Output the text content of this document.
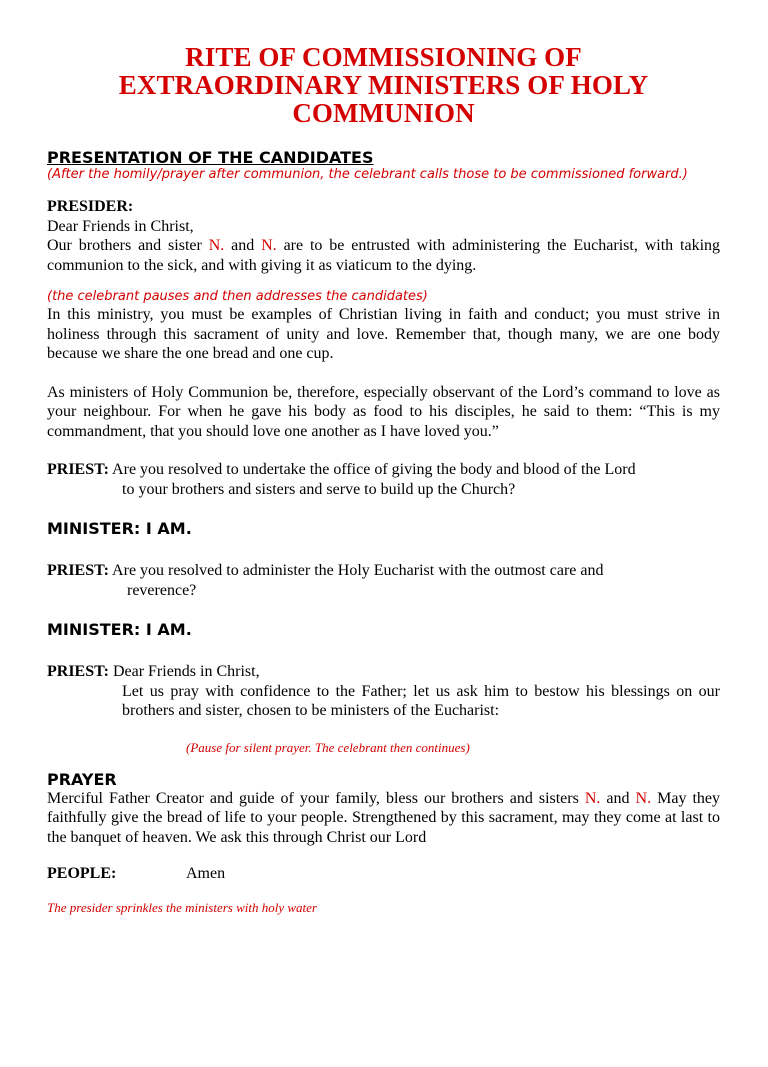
RITE OF COMMISSIONING OF
EXTRAORDINARY MINISTERS OF HOLY
COMMUNION
PRESENTATION OF THE CANDIDATES
(After the homily/prayer after communion, the celebrant calls those to be commissioned forward.)

PRESIDER:

Dear Friends in Christ,

Our brothers and sister N. and N. are to be entrusted with administering the Eucharist, with taking communion to the sick, and with giving it as viaticum to the dying.

(the celebrant pauses and then addresses the candidates)

In this ministry, you must be examples of Christian living in faith and conduct; you must strive in holiness through this sacrament of unity and love. Remember that, though many, we are one body because we share the one bread and one cup.

As ministers of Holy Communion be, therefore, especially observant of the Lord’s command to love as your neighbour. For when he gave his body as food to his disciples, he said to them: “This is my commandment, that you should love one another as I have loved you.”

PRIEST: Are you resolved to undertake the office of giving the body and blood of the Lord

to your brothers and sisters and serve to build up the Church?

MINISTER: I AM.

PRIEST: Are you resolved to administer the Holy Eucharist with the outmost care and

reverence?

MINISTER: I AM.

PRIEST: Dear Friends in Christ,

Let us pray with confidence to the Father; let us ask him to bestow his blessings on our brothers and sister, chosen to be ministers of the Eucharist:

(Pause for silent prayer. The celebrant then continues)
PRAYER

Merciful Father Creator and guide of your family, bless our brothers and sisters N. and N. May they faithfully give the bread of life to your people. Strengthened by this sacrament, may they come at last to the banquet of heaven. We ask this through Christ our Lord

PEOPLE:	Amen
The presider sprinkles the ministers with holy water
